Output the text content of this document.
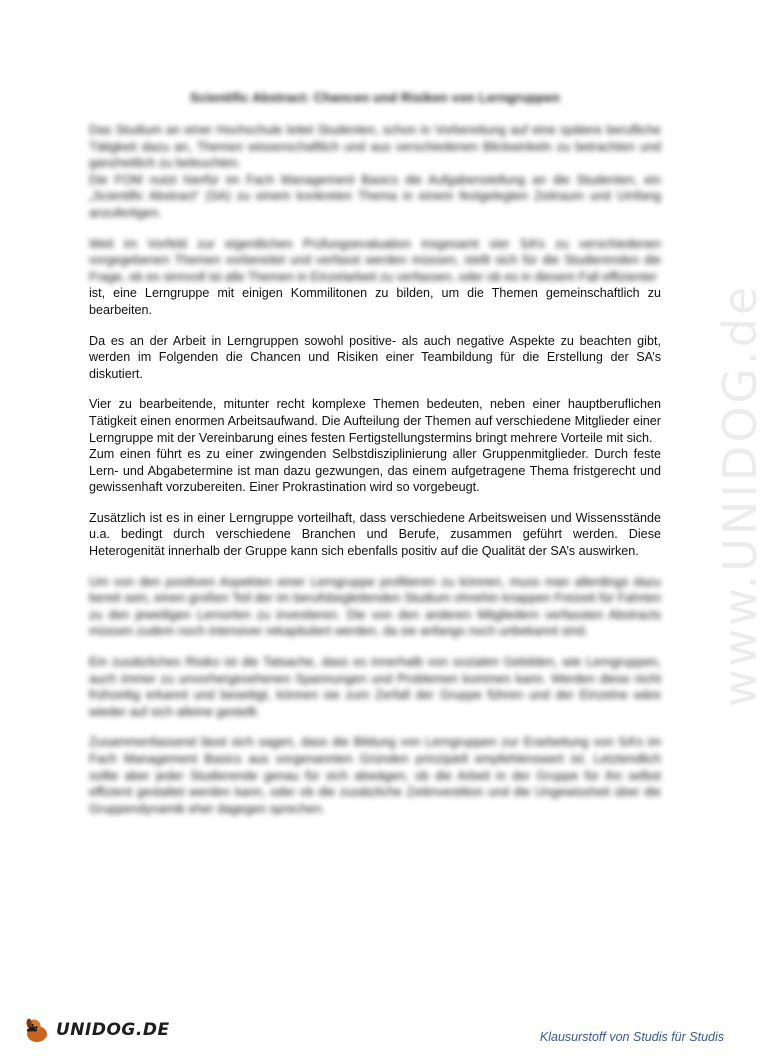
www.UNIDOG.de
Scientific Abstract: Chancen und Risiken von Lerngruppen

Das Studium an einer Hochschule leitet Studenten, schon in Vorbereitung auf eine spätere berufliche Tätigkeit dazu an, Themen wissenschaftlich und aus verschiedenen Blickwinkeln zu betrachten und ganzheitlich zu beleuchten.

Die FOM nutzt hierfür im Fach Management Basics die Aufgabenstellung an die Studenten, ein „Scientific Abstract“ (SA) zu einem konkreten Thema in einem festgelegten Zeitraum und Umfang anzufertigen.

Weil im Vorfeld zur eigentlichen Prüfungsevaluation insgesamt vier SA’s zu verschiedenen vorgegebenen Themen vorbereitet und verfasst werden müssen, stellt sich für die Studierenden die Frage, ob es sinnvoll ist alle Themen in Einzelarbeit zu verfassen, oder ob es in diesem Fall effizienter
ist, eine Lerngruppe mit einigen Kommilitonen zu bilden, um die Themen gemeinschaftlich zu bearbeiten.
Da es an der Arbeit in Lerngruppen sowohl positive- als auch negative Aspekte zu beachten gibt, werden im Folgenden die Chancen und Risiken einer Teambildung für die Erstellung der SA’s diskutiert.

Vier zu bearbeitende, mitunter recht komplexe Themen bedeuten, neben einer hauptberuflichen Tätigkeit einen enormen Arbeitsaufwand. Die Aufteilung der Themen auf verschiedene Mitglieder einer Lerngruppe mit der Vereinbarung eines festen Fertigstellungstermins bringt mehrere Vorteile mit sich.

Zum einen führt es zu einer zwingenden Selbstdisziplinierung aller Gruppenmitglieder. Durch feste Lern- und Abgabetermine ist man dazu gezwungen, das einem aufgetragene Thema fristgerecht und gewissenhaft vorzubereiten. Einer Prokrastination wird so vorgebeugt.

Zusätzlich ist es in einer Lerngruppe vorteilhaft, dass verschiedene Arbeitsweisen und Wissensstände u.a. bedingt durch verschiedene Branchen und Berufe, zusammen geführt werden. Diese Heterogenität innerhalb der Gruppe kann sich ebenfalls positiv auf die Qualität der SA’s auswirken.
Um von den positiven Aspekten einer Lerngruppe profitieren zu können, muss man allerdings dazu bereit sein, einen großen Teil der im berufsbegleitenden Studium ohnehin knappen Freizeit für Fahrten zu den jeweiligen Lernorten zu investieren. Die von den anderen Mitgliedern verfassten Abstracts müssen zudem noch intensiver rekapituliert werden, da sie anfangs noch unbekannt sind.
Ein zusätzliches Risiko ist die Tatsache, dass es innerhalb von sozialen Gebilden, wie Lerngruppen, auch immer zu unvorhergesehenen Spannungen und Problemen kommen kann. Werden diese nicht frühzeitig erkannt und beseitigt, können sie zum Zerfall der Gruppe führen und der Einzelne wäre wieder auf sich alleine gestellt.
Zusammenfassend lässt sich sagen, dass die Bildung von Lerngruppen zur Erarbeitung von SA’s im Fach Management Basics aus vorgenannten Gründen prinzipiell empfehlenswert ist. Letztendlich sollte aber jeder Studierende genau für sich abwägen, ob die Arbeit in der Gruppe für ihn selbst effizient gestaltet werden kann, oder ob die zusätzliche Zeitinvestition und die Ungewissheit über die Gruppendynamik eher dagegen sprechen.
UNIDOG.DE	Klausurstoff von Studis für Studis
